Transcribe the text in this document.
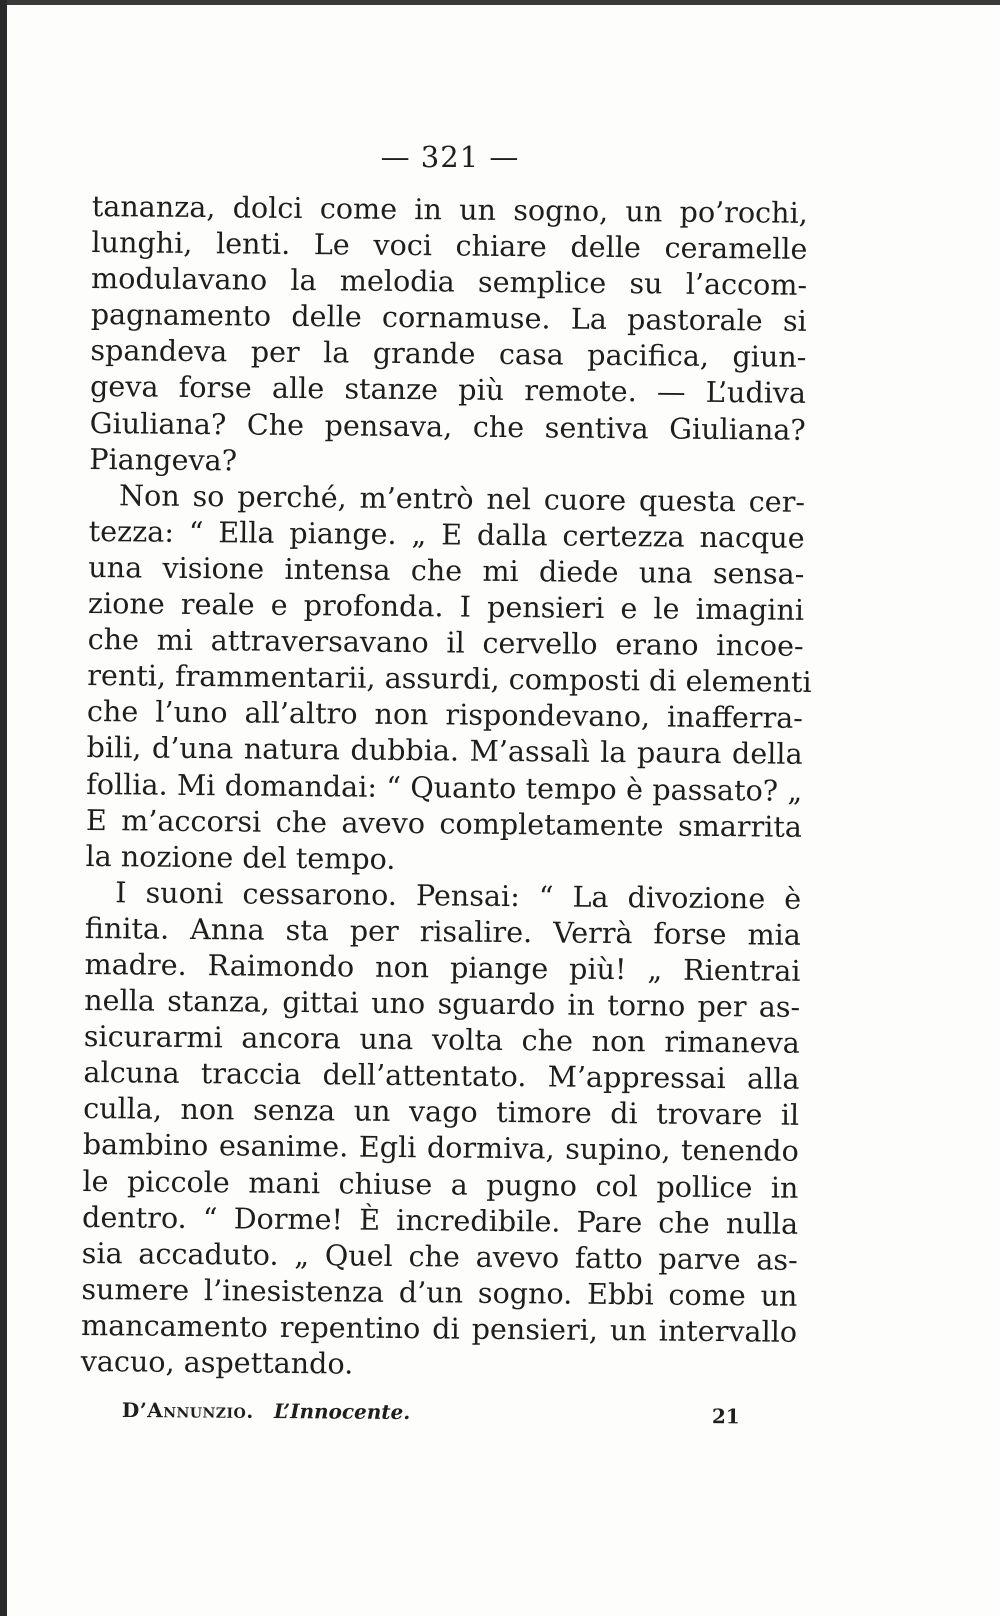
— 321 —
tananza, dolci come in un sogno, un po’rochi,
lunghi, lenti. Le voci chiare delle ceramelle
modulavano la melodia semplice su l’accom-
pagnamento delle cornamuse. La pastorale si
spandeva per la grande casa pacifica, giun-
geva forse alle stanze più remote. — L’udiva
Giuliana? Che pensava, che sentiva Giuliana?
Piangeva?
Non so perché, m’entrò nel cuore questa cer-
tezza: “ Ella piange. „ E dalla certezza nacque
una visione intensa che mi diede una sensa-
zione reale e profonda. I pensieri e le imagini
che mi attraversavano il cervello erano incoe-
renti, frammentarii, assurdi, composti di elementi
che l’uno all’altro non rispondevano, inafferra-
bili, d’una natura dubbia. M’assalì la paura della
follia. Mi domandai: “ Quanto tempo è passato? „
E m’accorsi che avevo completamente smarrita
la nozione del tempo.
I suoni cessarono. Pensai: “ La divozione è
finita. Anna sta per risalire. Verrà forse mia
madre. Raimondo non piange più! „ Rientrai
nella stanza, gittai uno sguardo in torno per as-
sicurarmi ancora una volta che non rimaneva
alcuna traccia dell’attentato. M’appressai alla
culla, non senza un vago timore di trovare il
bambino esanime. Egli dormiva, supino, tenendo
le piccole mani chiuse a pugno col pollice in
dentro. “ Dorme! È incredibile. Pare che nulla
sia accaduto. „ Quel che avevo fatto parve as-
sumere l’inesistenza d’un sogno. Ebbi come un
mancamento repentino di pensieri, un intervallo
vacuo, aspettando.
D’Annunzio. L’Innocente.	21
